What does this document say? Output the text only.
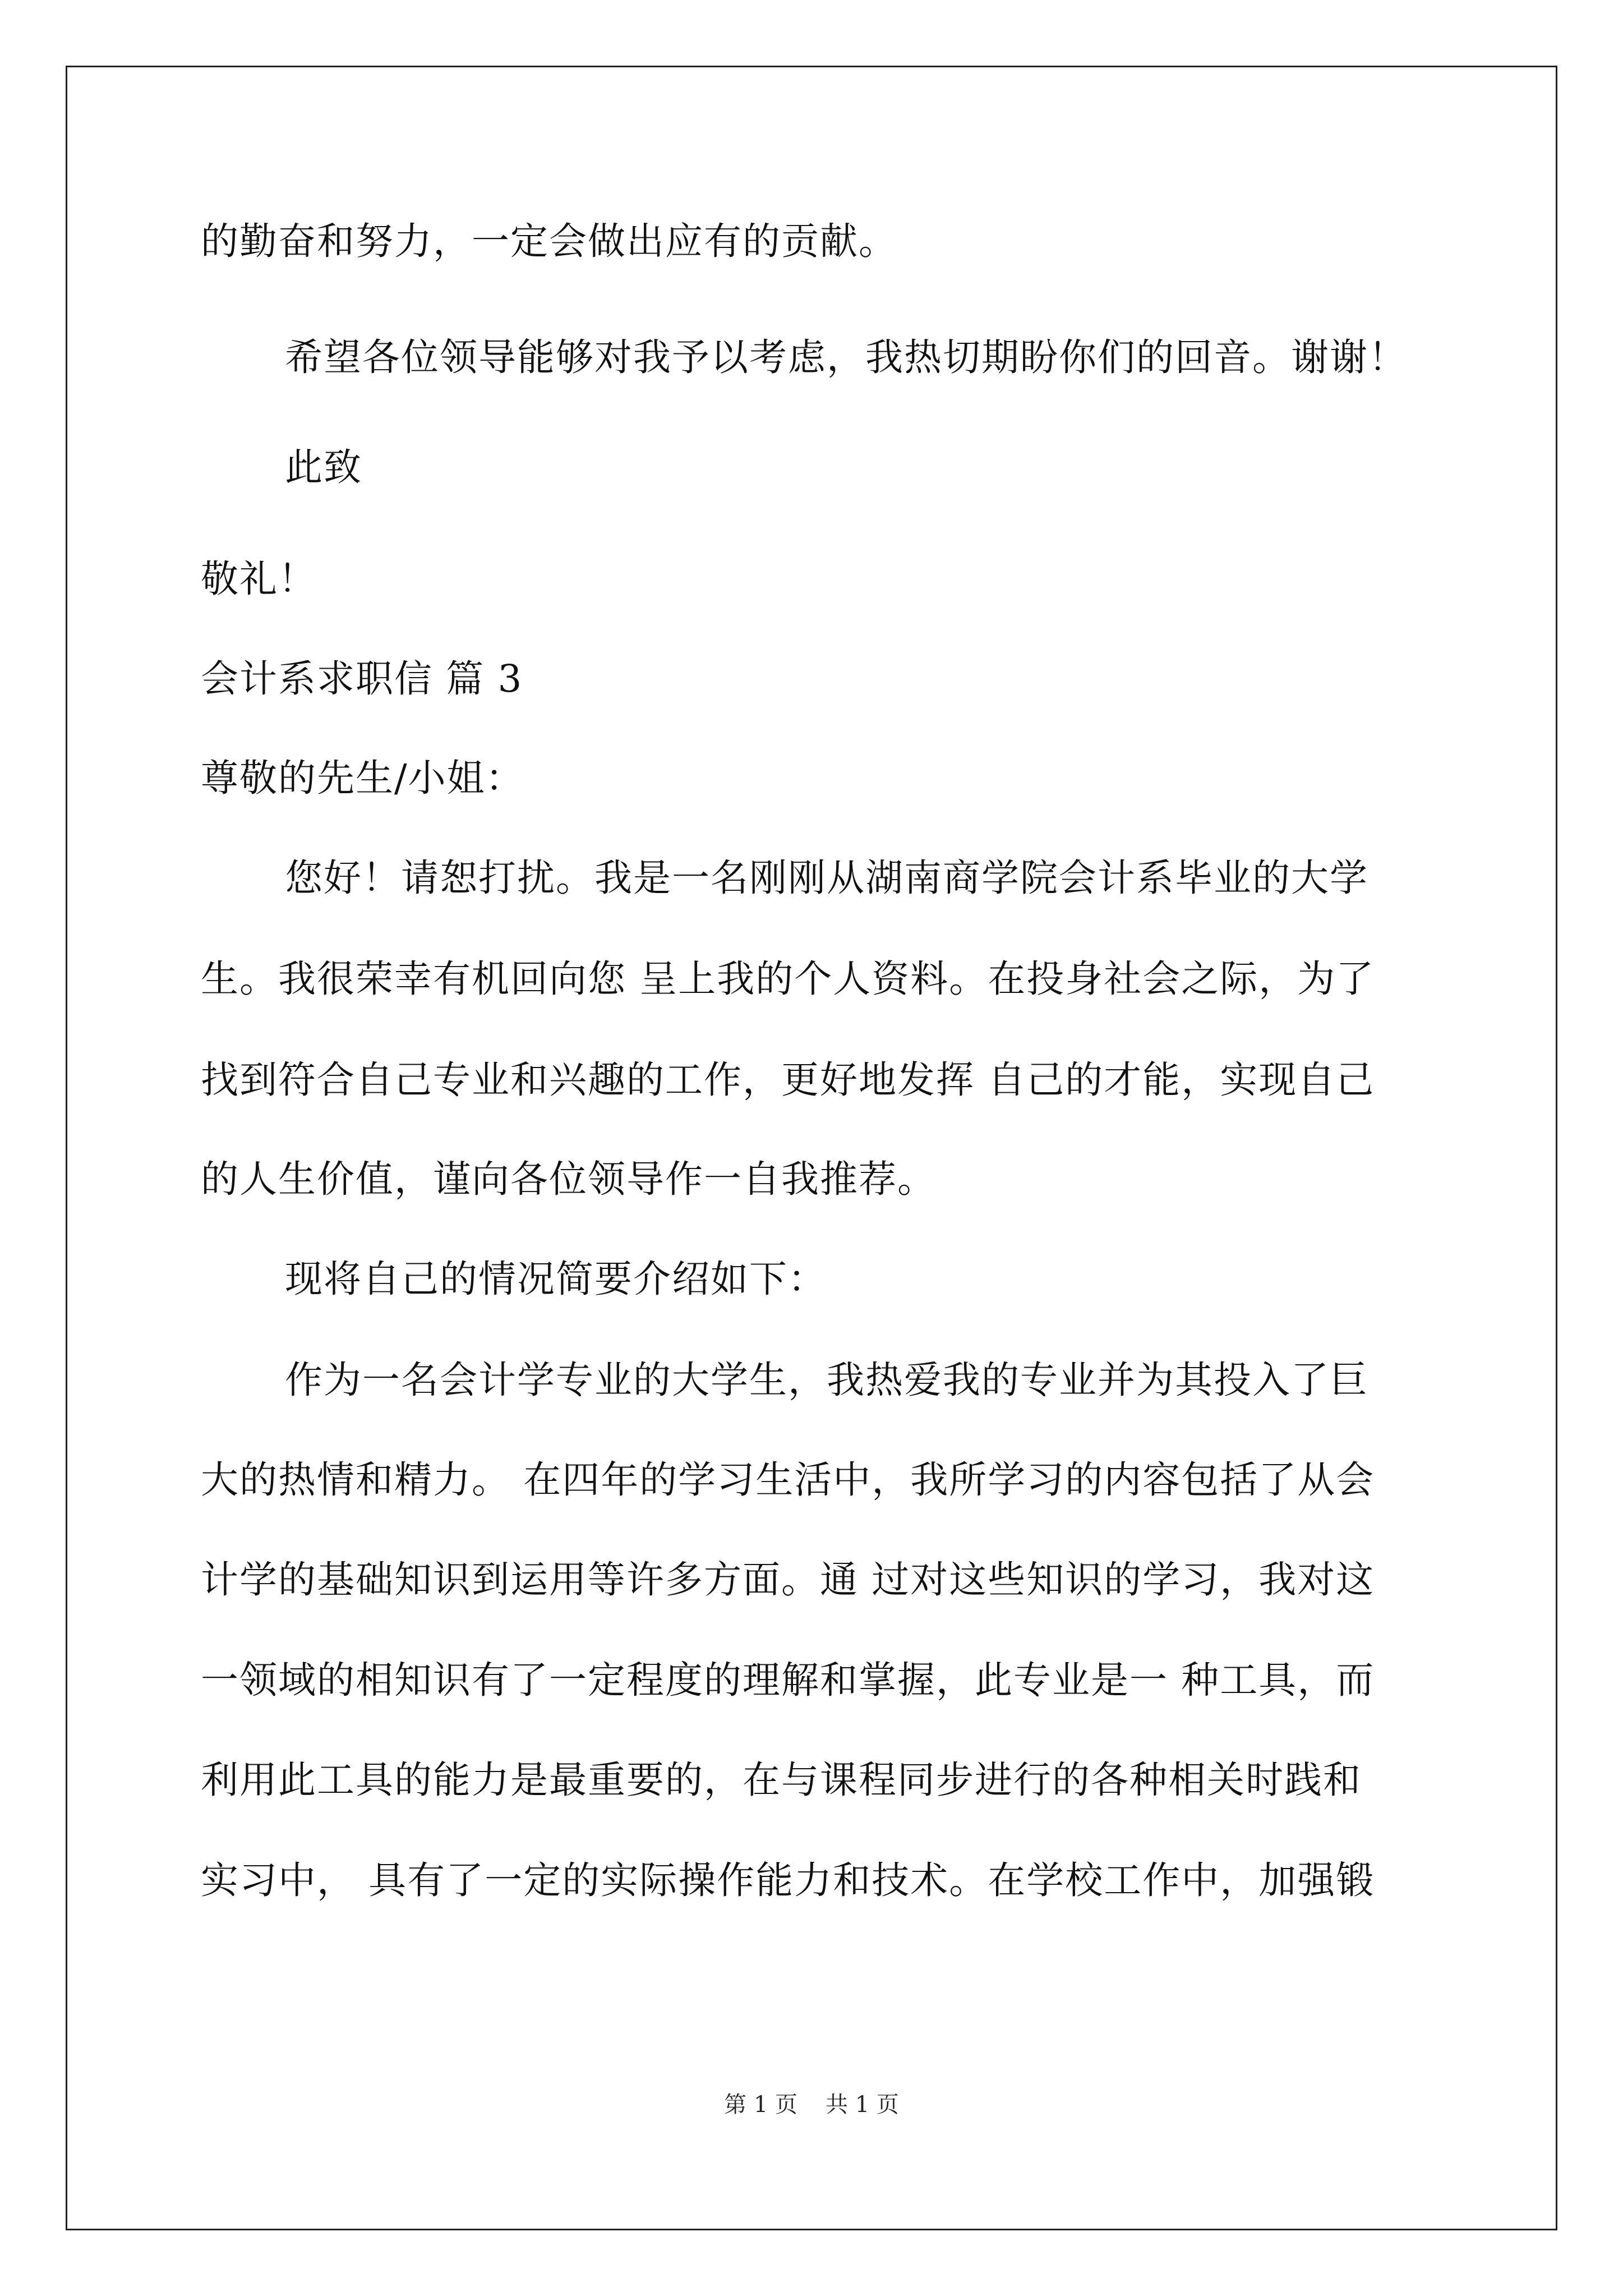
的勤奋和努力，一定会做出应有的贡献。

希望各位领导能够对我予以考虑，我热切期盼你们的回音。谢谢！

此致

敬礼！

会计系求职信 篇 3

尊敬的先生/小姐：

您好！请恕打扰。我是一名刚刚从湖南商学院会计系毕业的大学

生。我很荣幸有机回向您 呈上我的个人资料。在投身社会之际，为了

找到符合自己专业和兴趣的工作，更好地发挥 自己的才能，实现自己

的人生价值，谨向各位领导作一自我推荐。

现将自己的情况简要介绍如下：

作为一名会计学专业的大学生，我热爱我的专业并为其投入了巨

大的热情和精力。 在四年的学习生活中，我所学习的内容包括了从会

计学的基础知识到运用等许多方面。通 过对这些知识的学习，我对这

一领域的相知识有了一定程度的理解和掌握，此专业是一 种工具，而

利用此工具的能力是最重要的，在与课程同步进行的各种相关时践和

实习中， 具有了一定的实际操作能力和技术。在学校工作中，加强锻

第 1 页 共 1 页
